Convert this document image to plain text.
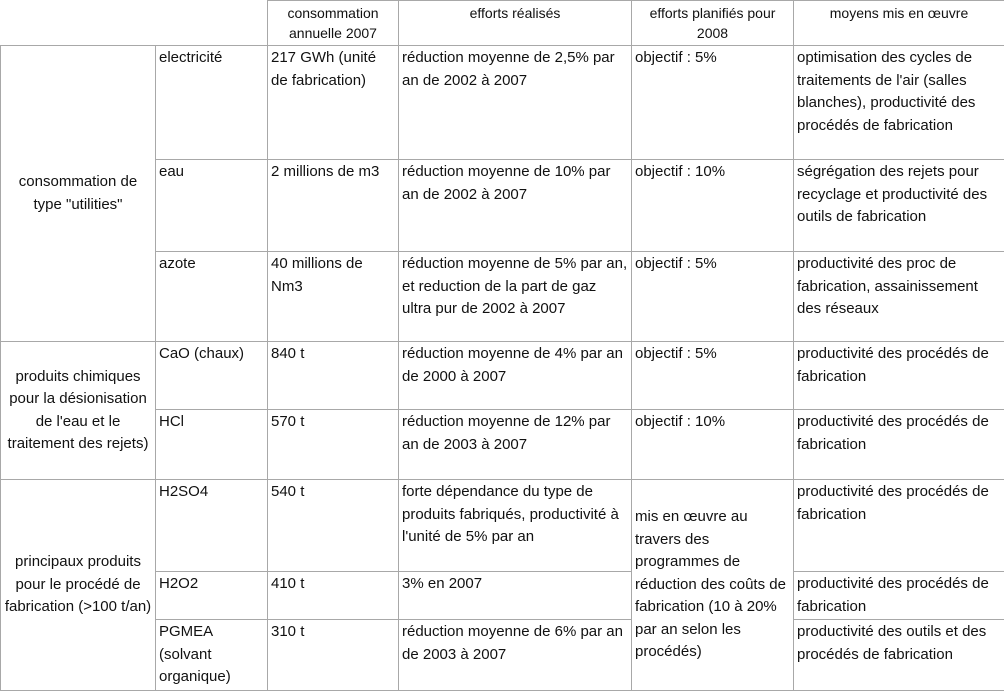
		consommation annuelle 2007	efforts réalisés	efforts planifiés pour 2008	moyens mis en œuvre
consommation de type "utilities"	electricité	217 GWh (unité de fabrication)	réduction moyenne de 2,5% par an de 2002 à 2007	objectif : 5%	optimisation des cycles de traitements de l'air (salles blanches), productivité des procédés de fabrication
	eau	2 millions de m3	réduction moyenne de 10% par an de 2002 à 2007	objectif : 10%	ségrégation des rejets pour recyclage et productivité des outils de fabrication
	azote	40 millions de Nm3	réduction moyenne de 5% par an, et reduction de la part de gaz ultra pur de 2002 à 2007	objectif : 5%	productivité des proc de fabrication, assainissement des réseaux
produits chimiques pour la désionisation de l'eau et le traitement des rejets)	CaO (chaux)	840 t	réduction moyenne de 4% par an de 2000 à 2007	objectif : 5%	productivité des procédés de fabrication
	HCl	570 t	réduction moyenne de 12% par an de 2003 à 2007	objectif : 10%	productivité des procédés de fabrication
principaux produits pour le procédé de fabrication (>100 t/an)	H2SO4	540 t	forte dépendance du type de produits fabriqués, productivité à l'unité de 5% par an	mis en œuvre au travers des programmes de réduction des coûts de fabrication (10 à 20% par an selon les procédés)	productivité des procédés de fabrication
	H2O2	410 t	3% en 2007		productivité des procédés de fabrication
	PGMEA (solvant organique)	310 t	réduction moyenne de 6% par an de 2003 à 2007		productivité des outils et des procédés de fabrication
